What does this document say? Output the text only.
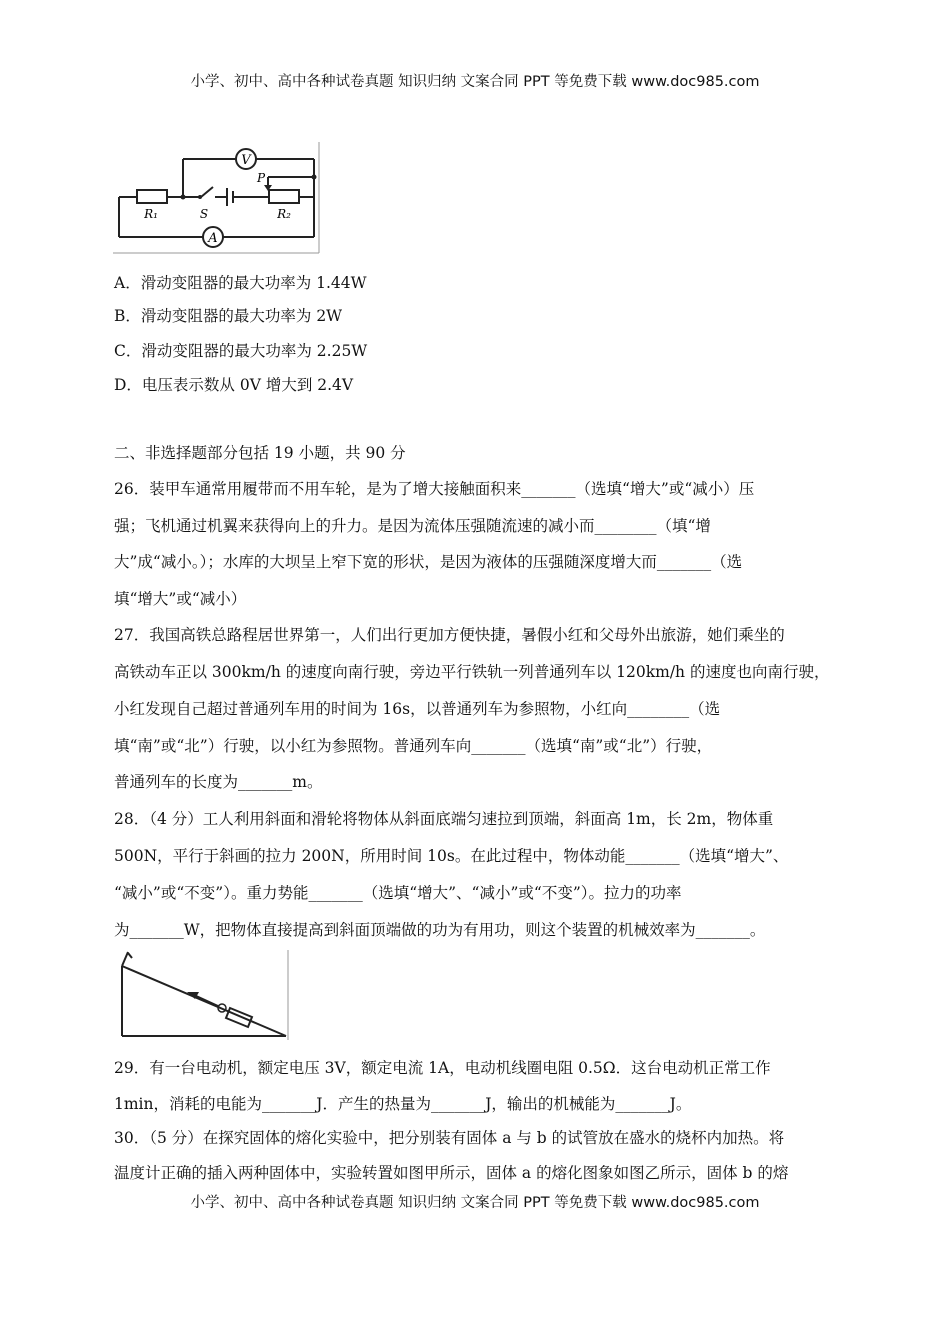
小学、初中、高中各种试卷真题 知识归纳 文案合同 PPT 等免费下载 www.doc985.com
V
A
R₁	S
P
R₂
A．滑动变阻器的最大功率为 1.44W
B．滑动变阻器的最大功率为 2W
C．滑动变阻器的最大功率为 2.25W
D．电压表示数从 0V 增大到 2.4V
二、非选择题部分包括 19 小题，共 90 分
26．装甲车通常用履带而不用车轮，是为了增大接触面积来_______（选填“增大”或“减小）压
强；飞机通过机翼来获得向上的升力。是因为流体压强随流速的减小而________（填“增
大”成“减小。）；水库的大坝呈上窄下宽的形状，是因为液体的压强随深度增大而_______（选
填“增大”或“减小）
27．我国高铁总路程居世界第一，人们出行更加方便快捷，暑假小红和父母外出旅游，她们乘坐的
高铁动车正以 300km/h 的速度向南行驶，旁边平行铁轨一列普通列车以 120km/h 的速度也向南行驶，
小红发现自己超过普通列车用的时间为 16s，以普通列车为参照物，小红向________（选
填“南”或“北”）行驶，以小红为参照物。普通列车向_______（选填“南”或“北”）行驶，
普通列车的长度为_______m。
28．（4 分）工人利用斜面和滑轮将物体从斜面底端匀速拉到顶端，斜面高 1m，长 2m，物体重
500N，平行于斜画的拉力 200N，所用时间 10s。在此过程中，物体动能_______（选填“增大”、
“减小”或“不变”）。重力势能_______（选填“增大”、“减小”或“不变”）。拉力的功率
为_______W，把物体直接提高到斜面顶端做的功为有用功，则这个装置的机械效率为_______。
29．有一台电动机，额定电压 3V，额定电流 1A，电动机线圈电阻 0.5Ω．这台电动机正常工作
1min，消耗的电能为_______J．产生的热量为_______J，输出的机械能为_______J。
30．（5 分）在探究固体的熔化实验中，把分别装有固体 a 与 b 的试管放在盛水的烧杯内加热。将
温度计正确的插入两种固体中，实验转置如图甲所示，固体 a 的熔化图象如图乙所示，固体 b 的熔
小学、初中、高中各种试卷真题 知识归纳 文案合同 PPT 等免费下载 www.doc985.com
